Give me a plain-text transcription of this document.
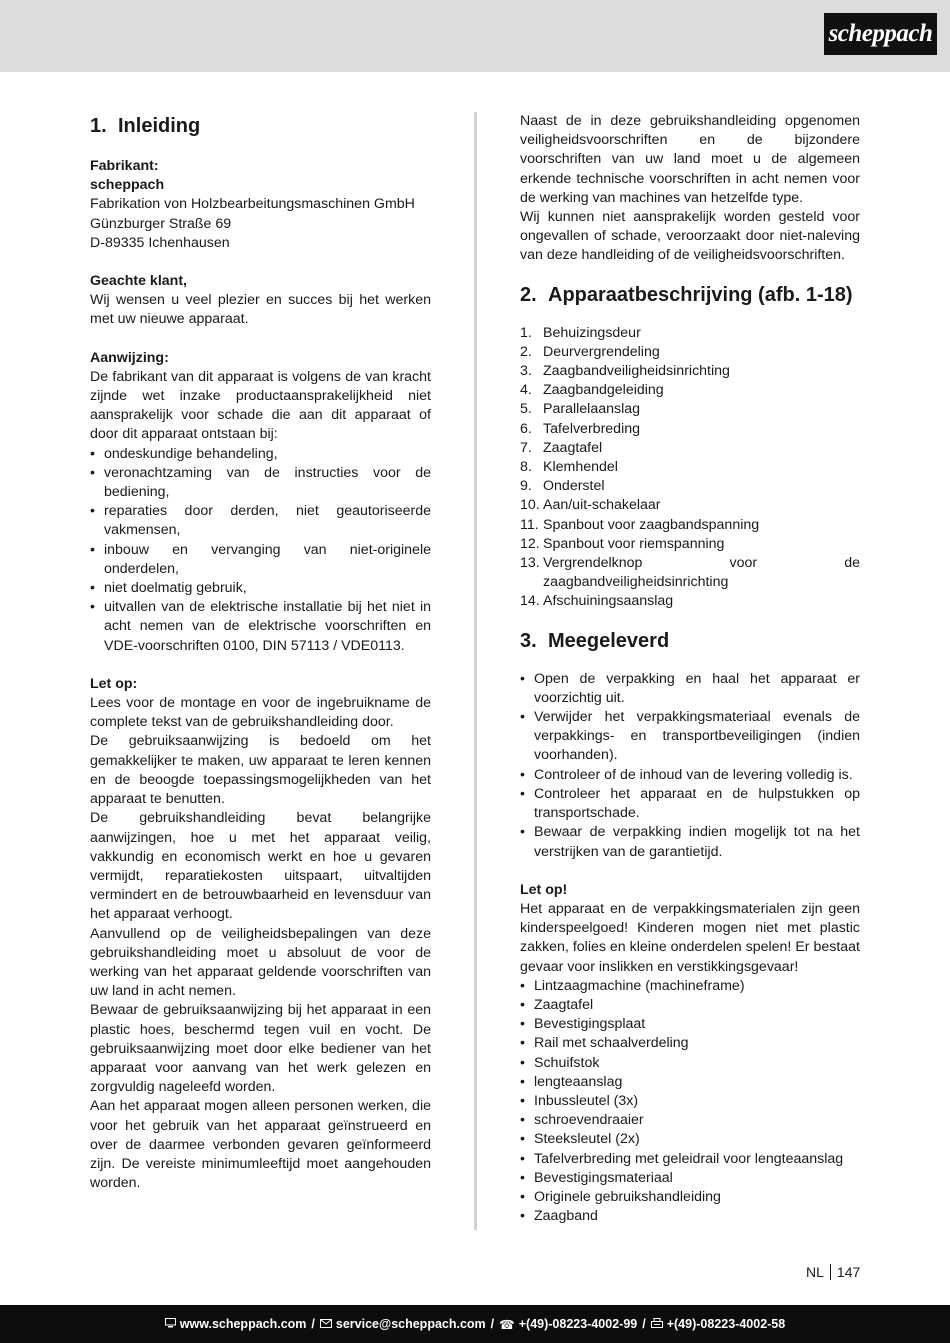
scheppach
1. Inleiding

Fabrikant:

scheppach

Fabrikation von Holzbearbeitungsmaschinen GmbH

Günzburger Straße 69

D-89335 Ichenhausen

Geachte klant,

Wij wensen u veel plezier en succes bij het werken met uw nieuwe apparaat.

Aanwijzing:

De fabrikant van dit apparaat is volgens de van kracht zijnde wet inzake productaansprakelijkheid niet aansprakelijk voor schade die aan dit apparaat of door dit apparaat ontstaan bij:

• ondeskundige behandeling,
• veronachtzaming van de instructies voor de bediening,
• reparaties door derden, niet geautoriseerde vakmensen,
• inbouw en vervanging van niet-originele onderdelen,
• niet doelmatig gebruik,
• uitvallen van de elektrische installatie bij het niet in acht nemen van de elektrische voorschriften en VDE-voorschriften 0100, DIN 57113 / VDE0113.

Let op:

Lees voor de montage en voor de ingebruikname de complete tekst van de gebruikshandleiding door.

De gebruiksaanwijzing is bedoeld om het gemakkelijker te maken, uw apparaat te leren kennen en de beoogde toepassingsmogelijkheden van het apparaat te benutten.

De gebruikshandleiding bevat belangrijke aanwijzingen, hoe u met het apparaat veilig, vakkundig en economisch werkt en hoe u gevaren vermijdt, reparatiekosten uitspaart, uitvaltijden vermindert en de betrouwbaarheid en levensduur van het apparaat verhoogt.

Aanvullend op de veiligheidsbepalingen van deze gebruikshandleiding moet u absoluut de voor de werking van het apparaat geldende voorschriften van uw land in acht nemen.

Bewaar de gebruiksaanwijzing bij het apparaat in een plastic hoes, beschermd tegen vuil en vocht. De gebruiksaanwijzing moet door elke bediener van het apparaat voor aanvang van het werk gelezen en zorgvuldig nageleefd worden.

Aan het apparaat mogen alleen personen werken, die voor het gebruik van het apparaat geïnstrueerd en over de daarmee verbonden gevaren geïnformeerd zijn. De vereiste minimumleeftijd moet aangehouden worden.

Naast de in deze gebruikshandleiding opgenomen veiligheidsvoorschriften en de bijzondere voorschriften van uw land moet u de algemeen erkende technische voorschriften in acht nemen voor de werking van machines van hetzelfde type.

Wij kunnen niet aansprakelijk worden gesteld voor ongevallen of schade, veroorzaakt door niet-naleving van deze handleiding of de veiligheidsvoorschriften.

2. Apparaatbeschrijving (afb. 1-18)
1. Behuizingsdeur
2. Deurvergrendeling
3. Zaagbandveiligheidsinrichting
4. Zaagbandgeleiding
5. Parallelaanslag
6. Tafelverbreding
7. Zaagtafel
8. Klemhendel
9. Onderstel
10. Aan/uit-schakelaar
11. Spanbout voor zaagbandspanning
12. Spanbout voor riemspanning
13. Vergrendelknop voor de zaagbandveiligheidsinrichting
14. Afschuiningsaanslag
3. Meegeleverd
• Open de verpakking en haal het apparaat er voorzichtig uit.
• Verwijder het verpakkingsmateriaal evenals de verpakkings- en transportbeveiligingen (indien voorhanden).
• Controleer of de inhoud van de levering volledig is.
• Controleer het apparaat en de hulpstukken op transportschade.
• Bewaar de verpakking indien mogelijk tot na het verstrijken van de garantietijd.

Let op!

Het apparaat en de verpakkingsmaterialen zijn geen kinderspeelgoed! Kinderen mogen niet met plastic zakken, folies en kleine onderdelen spelen! Er bestaat gevaar voor inslikken en verstikkingsgevaar!

• Lintzaagmachine (machineframe)
• Zaagtafel
• Bevestigingsplaat
• Rail met schaalverdeling
• Schuifstok
• lengteaanslag
• Inbussleutel (3x)
• schroevendraaier
• Steeksleutel (2x)
• Tafelverbreding met geleidrail voor lengteaanslag
• Bevestigingsmateriaal
• Originele gebruikshandleiding
• Zaagband
NL 147
www.scheppach.com / service@scheppach.com / ☎ +(49)-08223-4002-99 / +(49)-08223-4002-58
